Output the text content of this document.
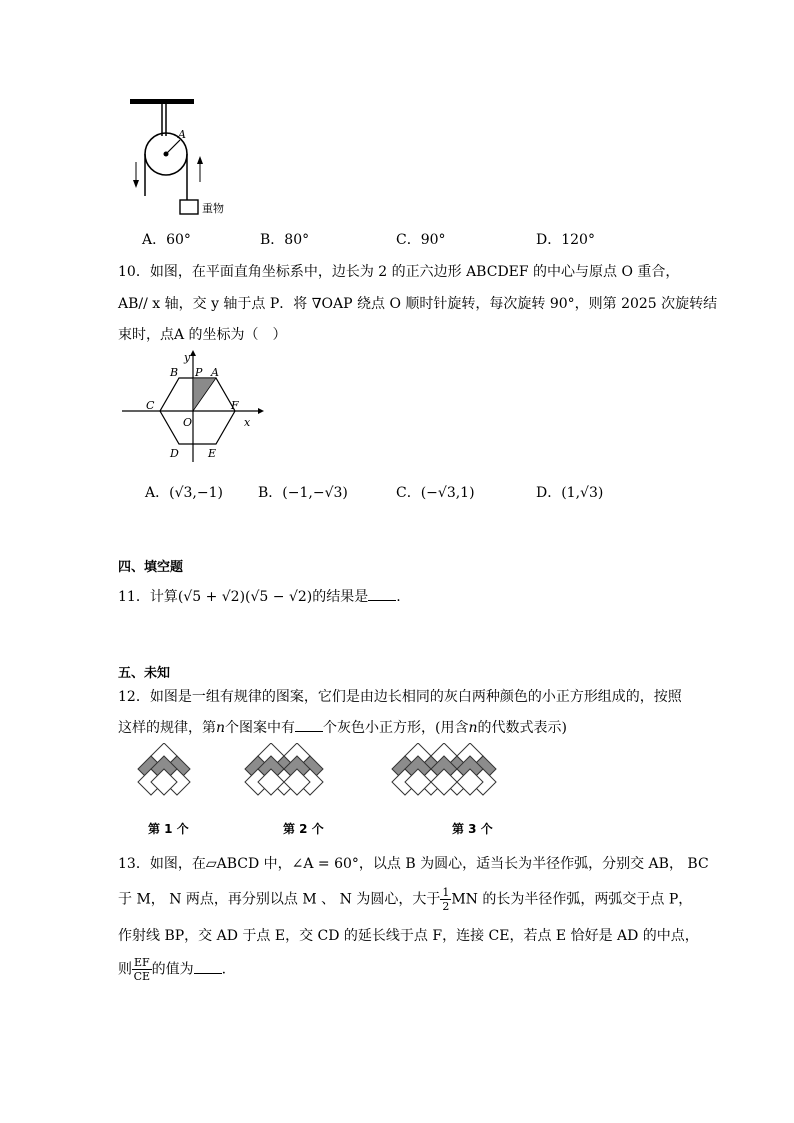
A
重物
A．60°	B．80°	C．90°	D．120°
10．如图，在平面直角坐标系中，边长为 2 的正六边形 ABCDEF 的中心与原点 O 重合，
AB// x 轴，交 y 轴于点 P．将 ∇OAP 绕点 O 顺时针旋转，每次旋转 90°，则第 2025 次旋转结
束时，点A 的坐标为（　）
y
x
B P A
C	F
O
D	E
A．(√3,−1)	B．(−1,−√3)	C．(−√3,1)	D．(1,√3)
四、填空题
11．计算(√5 + √2)(√5 − √2)的结果是 .
五、未知
12．如图是一组有规律的图案，它们是由边长相同的灰白两种颜色的小正方形组成的，按照
这样的规律，第n个图案中有 个灰色小正方形，(用含n的代数式表示)
第 1 个	第 2 个	第 3 个
13．如图，在▱ABCD 中，∠A = 60°，以点 B 为圆心，适当长为半径作弧，分别交 AB， BC
于 M， N 两点，再分别以点 M 、 N 为圆心，大于 $\frac{1}{2}$ MN 的长为半径作弧，两弧交于点 P，
作射线 BP，交 AD 于点 E，交 CD 的延长线于点 F，连接 CE，若点 E 恰好是 AD 的中点，
则 $\frac{EF}{CE}$ 的值为 .
